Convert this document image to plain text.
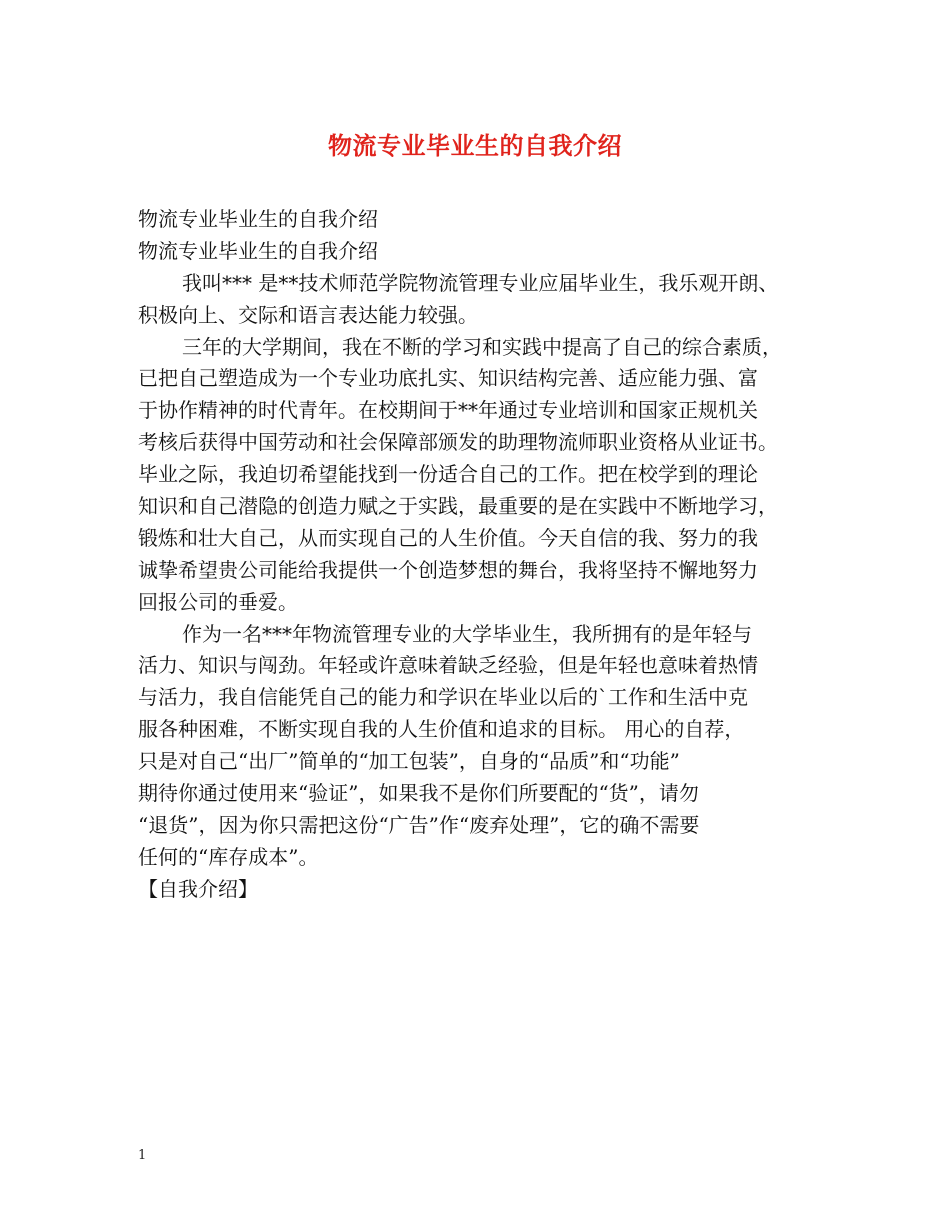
物流专业毕业生的自我介绍
物流专业毕业生的自我介绍
物流专业毕业生的自我介绍
我叫*** 是**技术师范学院物流管理专业应届毕业生，我乐观开朗、
积极向上、交际和语言表达能力较强。
三年的大学期间，我在不断的学习和实践中提高了自己的综合素质，
已把自己塑造成为一个专业功底扎实、知识结构完善、适应能力强、富
于协作精神的时代青年。在校期间于**年通过专业培训和国家正规机关
考核后获得中国劳动和社会保障部颁发的助理物流师职业资格从业证书。
毕业之际，我迫切希望能找到一份适合自己的工作。把在校学到的理论
知识和自己潜隐的创造力赋之于实践，最重要的是在实践中不断地学习，
锻炼和壮大自己，从而实现自己的人生价值。今天自信的我、努力的我
诚挚希望贵公司能给我提供一个创造梦想的舞台，我将坚持不懈地努力
回报公司的垂爱。
作为一名***年物流管理专业的大学毕业生，我所拥有的是年轻与
活力、知识与闯劲。年轻或许意味着缺乏经验，但是年轻也意味着热情
与活力，我自信能凭自己的能力和学识在毕业以后的`工作和生活中克
服各种困难，不断实现自我的人生价值和追求的目标。 用心的自荐，
只是对自己“出厂”简单的“加工包装”，自身的“品质”和“功能”
期待你通过使用来“验证”，如果我不是你们所要配的“货”，请勿
“退货”，因为你只需把这份“广告”作“废弃处理”，它的确不需要
任何的“库存成本”。
【自我介绍】
1
